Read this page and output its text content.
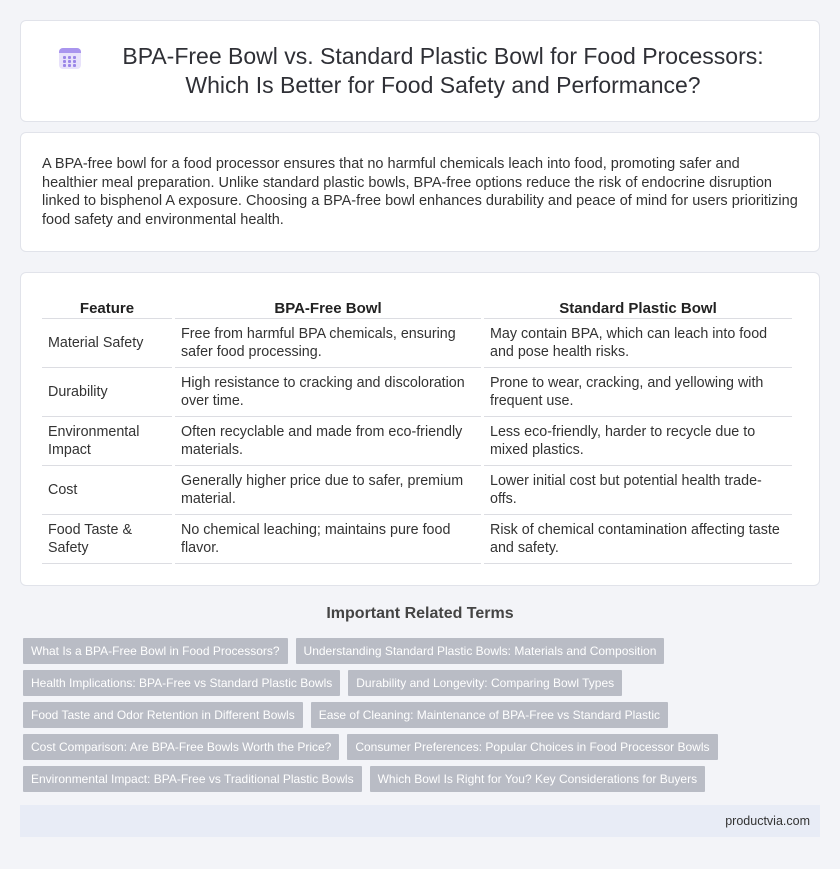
BPA-Free Bowl vs. Standard Plastic Bowl for Food Processors: Which Is Better for Food Safety and Performance?

A BPA-free bowl for a food processor ensures that no harmful chemicals leach into food, promoting safer and healthier meal preparation. Unlike standard plastic bowls, BPA-free options reduce the risk of endocrine disruption linked to bisphenol A exposure. Choosing a BPA-free bowl enhances durability and peace of mind for users prioritizing food safety and environmental health.

Feature	BPA-Free Bowl	Standard Plastic Bowl
Material Safety	Free from harmful BPA chemicals, ensuring safer food processing.	May contain BPA, which can leach into food and pose health risks.
Durability	High resistance to cracking and discoloration over time.	Prone to wear, cracking, and yellowing with frequent use.
Environmental Impact	Often recyclable and made from eco-friendly materials.	Less eco-friendly, harder to recycle due to mixed plastics.
Cost	Generally higher price due to safer, premium material.	Lower initial cost but potential health trade-offs.
Food Taste & Safety	No chemical leaching; maintains pure food flavor.	Risk of chemical contamination affecting taste and safety.
Important Related Terms
What Is a BPA-Free Bowl in Food Processors?	Understanding Standard Plastic Bowls: Materials and Composition
Health Implications: BPA-Free vs Standard Plastic Bowls	Durability and Longevity: Comparing Bowl Types
Food Taste and Odor Retention in Different Bowls	Ease of Cleaning: Maintenance of BPA-Free vs Standard Plastic
Cost Comparison: Are BPA-Free Bowls Worth the Price?	Consumer Preferences: Popular Choices in Food Processor Bowls
Environmental Impact: BPA-Free vs Traditional Plastic Bowls	Which Bowl Is Right for You? Key Considerations for Buyers
productvia.com
